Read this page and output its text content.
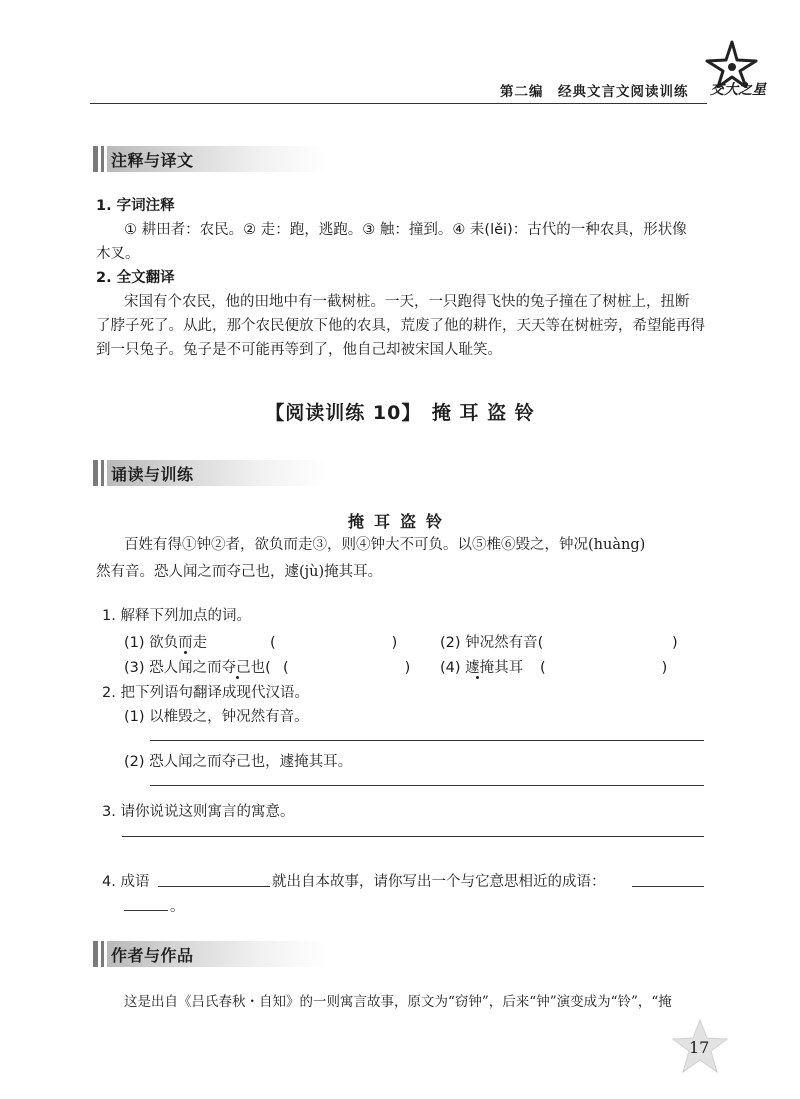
第二编　经典文言文阅读训练 交大之星
注释与译文
1. 字词注释
① 耕田者：农民。② 走：跑，逃跑。③ 触：撞到。④ 耒(lěi)：古代的一种农具，形状像
木叉。
2. 全文翻译
宋国有个农民，他的田地中有一截树桩。一天，一只跑得飞快的兔子撞在了树桩上，扭断
了脖子死了。从此，那个农民便放下他的农具，荒废了他的耕作，天天等在树桩旁，希望能再得
到一只兔子。兔子是不可能再等到了，他自己却被宋国人耻笑。
【阅读训练 10】　掩 耳 盗 铃
诵读与训练
掩耳盗铃
百姓有得①钟②者，欲负而走③，则④钟大不可负。以⑤椎⑥毁之，钟况(huàng)
然有音。恐人闻之而夺己也，遽(jù)掩其耳。
1. 解释下列加点的词。
(1) 欲负而走	(　　　　　　　　)	(2) 钟况然有音( 　　　　　　　　)
(3) 恐人闻之而夺己也( (　　　　　　　　) (4) 遽掩其耳 (　　　　　　　　)
2. 把下列语句翻译成现代汉语。
(1) 以椎毁之，钟况然有音。
(2) 恐人闻之而夺己也，遽掩其耳。
3. 请你说说这则寓言的寓意。
4. 成语	就出自本故事，请你写出一个与它意思相近的成语：
。
作者与作品
这是出自《吕氏春秋・自知》的一则寓言故事，原文为“窃钟”，后来“钟”演变成为“铃”，“掩
17
